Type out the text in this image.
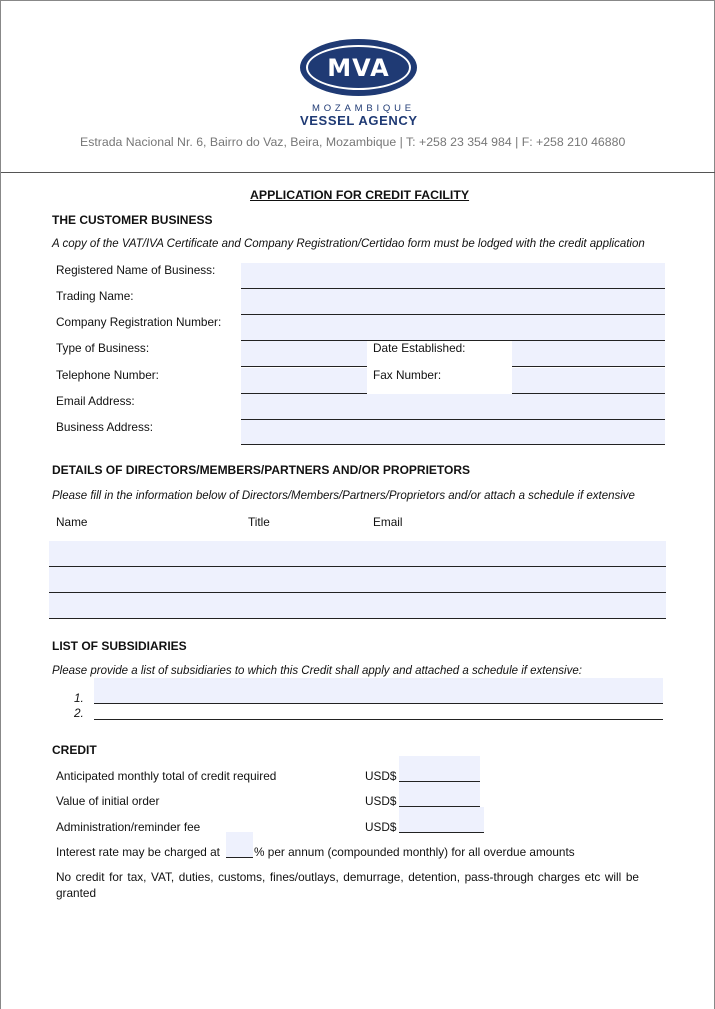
MVA
MOZAMBIQUE
VESSEL AGENCY
Estrada Nacional Nr. 6, Bairro do Vaz, Beira, Mozambique | T: +258 23 354 984 | F: +258 210 46880
APPLICATION FOR CREDIT FACILITY
THE CUSTOMER BUSINESS
A copy of the VAT/IVA Certificate and Company Registration/Certidao form must be lodged with the credit application
Registered Name of Business:
Trading Name:
Company Registration Number:
Type of Business:	Date Established:
Telephone Number:	Fax Number:
Email Address:
Business Address:
DETAILS OF DIRECTORS/MEMBERS/PARTNERS AND/OR PROPRIETORS
Please fill in the information below of Directors/Members/Partners/Proprietors and/or attach a schedule if extensive
Name	Title	Email
LIST OF SUBSIDIARIES
Please provide a list of subsidiaries to which this Credit shall apply and attached a schedule if extensive:
1.
2.
CREDIT
Anticipated monthly total of credit required	USD$
Value of initial order	USD$
Administration/reminder fee	USD$
Interest rate may be charged at	% per annum (compounded monthly) for all overdue amounts
No credit for tax, VAT, duties, customs, fines/outlays, demurrage, detention, pass-through charges etc will be
granted
